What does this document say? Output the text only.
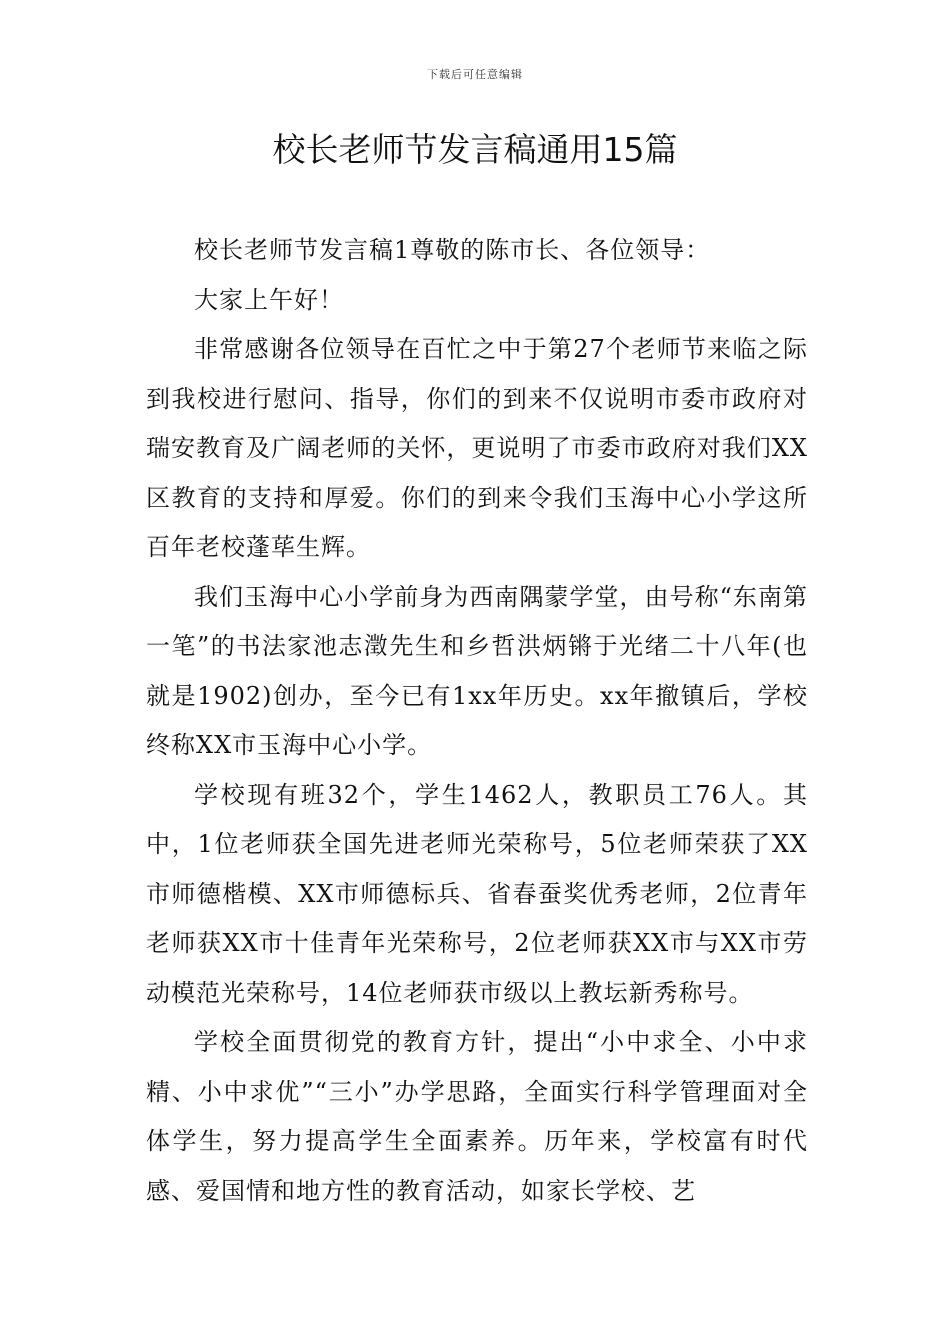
下载后可任意编辑
校长老师节发言稿通用15篇

校长老师节发言稿1尊敬的陈市长、各位领导：

大家上午好！

非常感谢各位领导在百忙之中于第27个老师节来临之际到我校进行慰问、指导，你们的到来不仅说明市委市政府对瑞安教育及广阔老师的关怀，更说明了市委市政府对我们XX区教育的支持和厚爱。你们的到来令我们玉海中心小学这所百年老校蓬荜生辉。

我们玉海中心小学前身为西南隅蒙学堂，由号称“东南第一笔”的书法家池志澂先生和乡哲洪炳锵于光绪二十八年(也就是1902)创办，至今已有1xx年历史。xx年撤镇后，学校终称XX市玉海中心小学。

学校现有班32个，学生1462人，教职员工76人。其中，1位老师获全国先进老师光荣称号，5位老师荣获了XX市师德楷模、XX市师德标兵、省春蚕奖优秀老师，2位青年老师获XX市十佳青年光荣称号，2位老师获XX市与XX市劳动模范光荣称号，14位老师获市级以上教坛新秀称号。

学校全面贯彻党的教育方针，提出“小中求全、小中求精、小中求优”“三小”办学思路，全面实行科学管理面对全体学生，努力提高学生全面素养。历年来，学校富有时代感、爱国情和地方性的教育活动，如家长学校、艺
